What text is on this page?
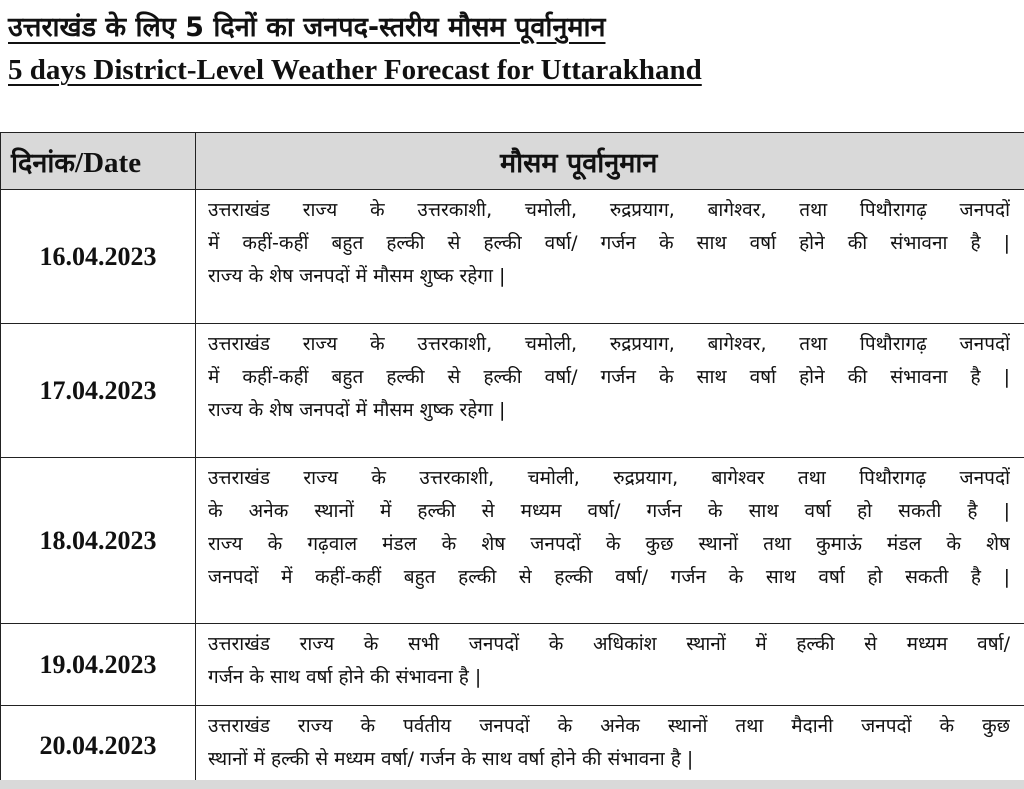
उत्तराखंड के लिए 5 दिनों का जनपद-स्तरीय मौसम पूर्वानुमान
5 days District-Level Weather Forecast for Uttarakhand
दिनांक/Date	मौसम पूर्वानुमान
16.04.2023	उत्तराखंड राज्य के उत्तरकाशी, चमोली, रुद्रप्रयाग, बागेश्वर, तथा पिथौरागढ़ जनपदों
में कहीं-कहीं बहुत हल्की से हल्की वर्षा/ गर्जन के साथ वर्षा होने की संभावना है |
राज्य के शेष जनपदों में मौसम शुष्क रहेगा |

17.04.2023	उत्तराखंड राज्य के उत्तरकाशी, चमोली, रुद्रप्रयाग, बागेश्वर, तथा पिथौरागढ़ जनपदों
में कहीं-कहीं बहुत हल्की से हल्की वर्षा/ गर्जन के साथ वर्षा होने की संभावना है |
राज्य के शेष जनपदों में मौसम शुष्क रहेगा |

18.04.2023	उत्तराखंड राज्य के उत्तरकाशी, चमोली, रुद्रप्रयाग, बागेश्वर तथा पिथौरागढ़ जनपदों
के अनेक स्थानों में हल्की से मध्यम वर्षा/ गर्जन के साथ वर्षा हो सकती है |
राज्य के गढ़वाल मंडल के शेष जनपदों के कुछ स्थानों तथा कुमाऊं मंडल के शेष
जनपदों में कहीं-कहीं बहुत हल्की से हल्की वर्षा/ गर्जन के साथ वर्षा हो सकती है |

19.04.2023	उत्तराखंड राज्य के सभी जनपदों के अधिकांश स्थानों में हल्की से मध्यम वर्षा/
गर्जन के साथ वर्षा होने की संभावना है |

20.04.2023	उत्तराखंड राज्य के पर्वतीय जनपदों के अनेक स्थानों तथा मैदानी जनपदों के कुछ
स्थानों में हल्की से मध्यम वर्षा/ गर्जन के साथ वर्षा होने की संभावना है |
